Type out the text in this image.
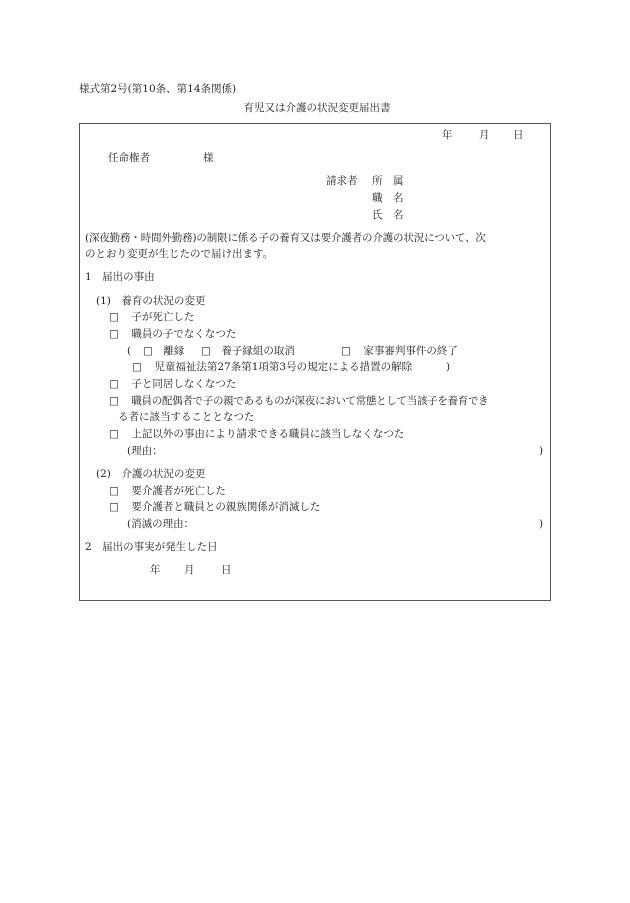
様式第2号(第10条、第14条関係)
育児又は介護の状況変更届出書
年	月 日
任命権者	様
請求者 所　属
職　名
氏　名
(深夜勤務・時間外勤務)の制限に係る子の養育又は要介護者の介護の状況について、次
のとおり変更が生じたので届け出ます。
1　届出の事由
(1)　養育の状況の変更
□ 子が死亡した
□ 職員の子でなくなつた
( □ 離縁 □ 養子縁組の取消	□ 家事審判事件の終了
□ 児童福祉法第27条第1項第3号の規定による措置の解除	)
□ 子と同居しなくなつた
□ 職員の配偶者で子の親であるものが深夜において常態として当該子を養育でき
る者に該当することとなつた
□ 上記以外の事由により請求できる職員に該当しなくなつた
(理由：	)
(2)　介護の状況の変更
□ 要介護者が死亡した
□ 要介護者と職員との親族関係が消滅した
(消滅の理由：	)
2　届出の事実が発生した日
年 月	日
